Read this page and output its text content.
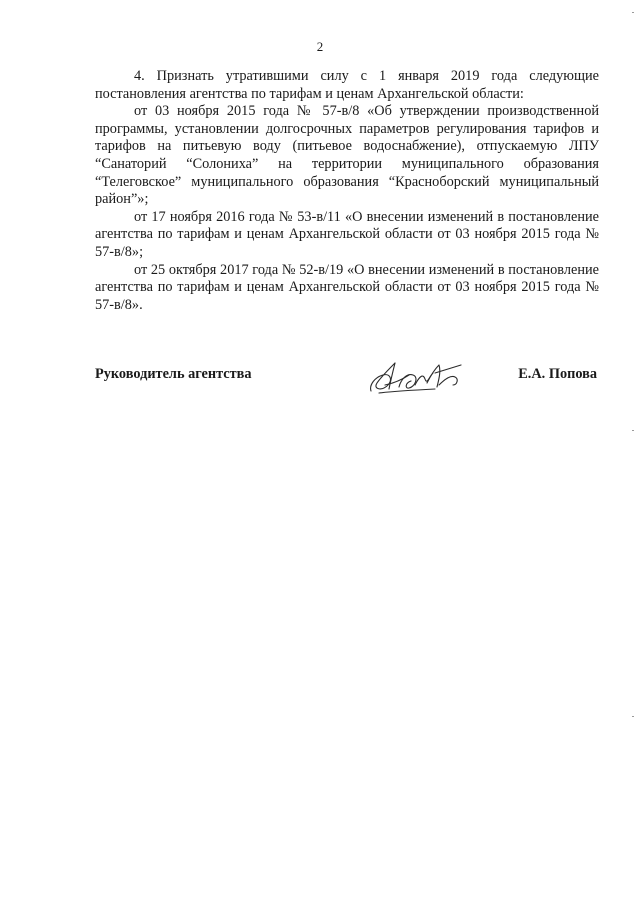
2

4. Признать утратившими силу с 1 января 2019 года следующие постановления агентства по тарифам и ценам Архангельской области:

от 03 ноября 2015 года № 57-в/8 «Об утверждении производственной программы, установлении долгосрочных параметров регулирования тарифов и тарифов на питьевую воду (питьевое водоснабжение), отпускаемую ЛПУ “Санаторий “Солониха” на территории муниципального образования “Телеговское” муниципального образования “Красноборский муниципальный район”»;

от 17 ноября 2016 года № 53-в/11 «О внесении изменений в постановление агентства по тарифам и ценам Архангельской области от 03 ноября 2015 года № 57-в/8»;

от 25 октября 2017 года № 52-в/19 «О внесении изменений в постановление агентства по тарифам и ценам Архангельской области от 03 ноября 2015 года № 57-в/8».

Руководитель агентства	Е.А. Попова
